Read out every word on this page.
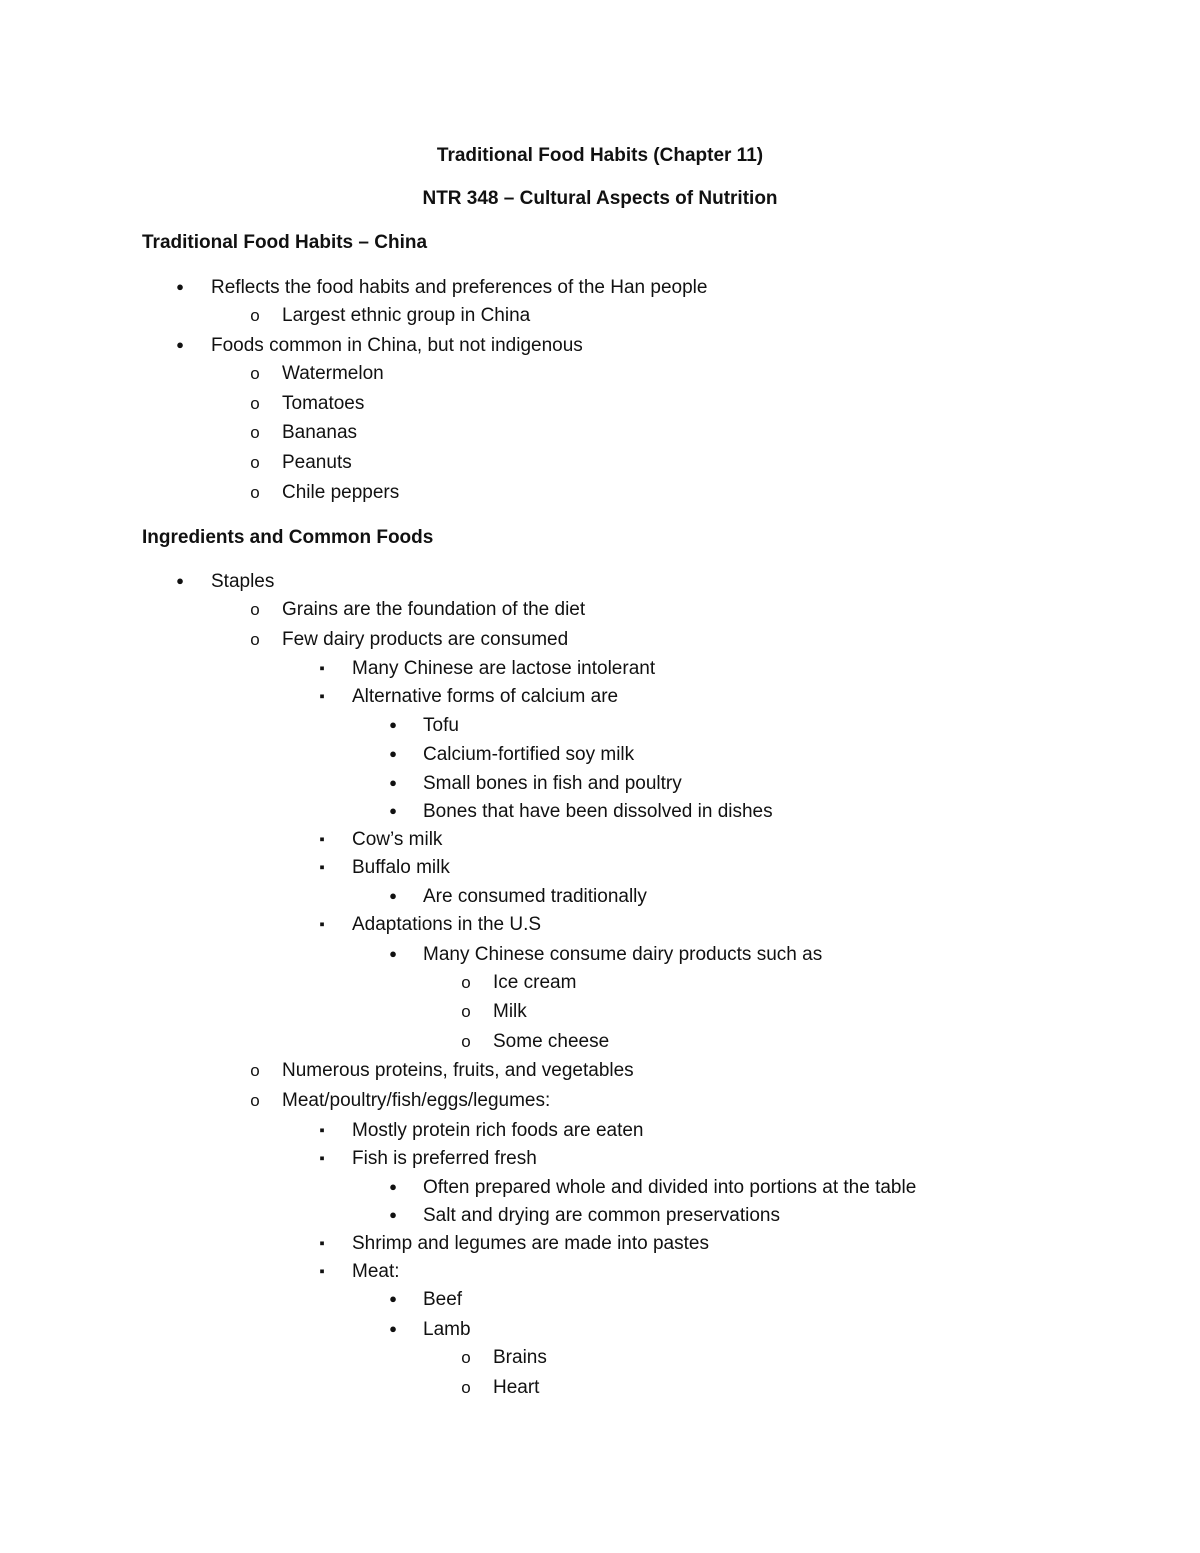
Traditional Food Habits (Chapter 11)
NTR 348 – Cultural Aspects of Nutrition
Traditional Food Habits – China
●
Reflects the food habits and preferences of the Han people
o
Largest ethnic group in China
●
Foods common in China, but not indigenous
o
Watermelon
o
Tomatoes
o
Bananas
o
Peanuts
o
Chile peppers
Ingredients and Common Foods
●
Staples
o
Grains are the foundation of the diet
o
Few dairy products are consumed
▪
Many Chinese are lactose intolerant
▪
Alternative forms of calcium are
●
Tofu
●
Calcium-fortified soy milk
●
Small bones in fish and poultry
●
Bones that have been dissolved in dishes
▪
Cow’s milk
▪
Buffalo milk
●
Are consumed traditionally
▪
Adaptations in the U.S
●
Many Chinese consume dairy products such as
o
Ice cream
o
Milk
o
Some cheese
o
Numerous proteins, fruits, and vegetables
o
Meat/poultry/fish/eggs/legumes:
▪
Mostly protein rich foods are eaten
▪
Fish is preferred fresh
●
Often prepared whole and divided into portions at the table
●
Salt and drying are common preservations
▪
Shrimp and legumes are made into pastes
▪
Meat:
●
Beef
●
Lamb
o
Brains
o
Heart
